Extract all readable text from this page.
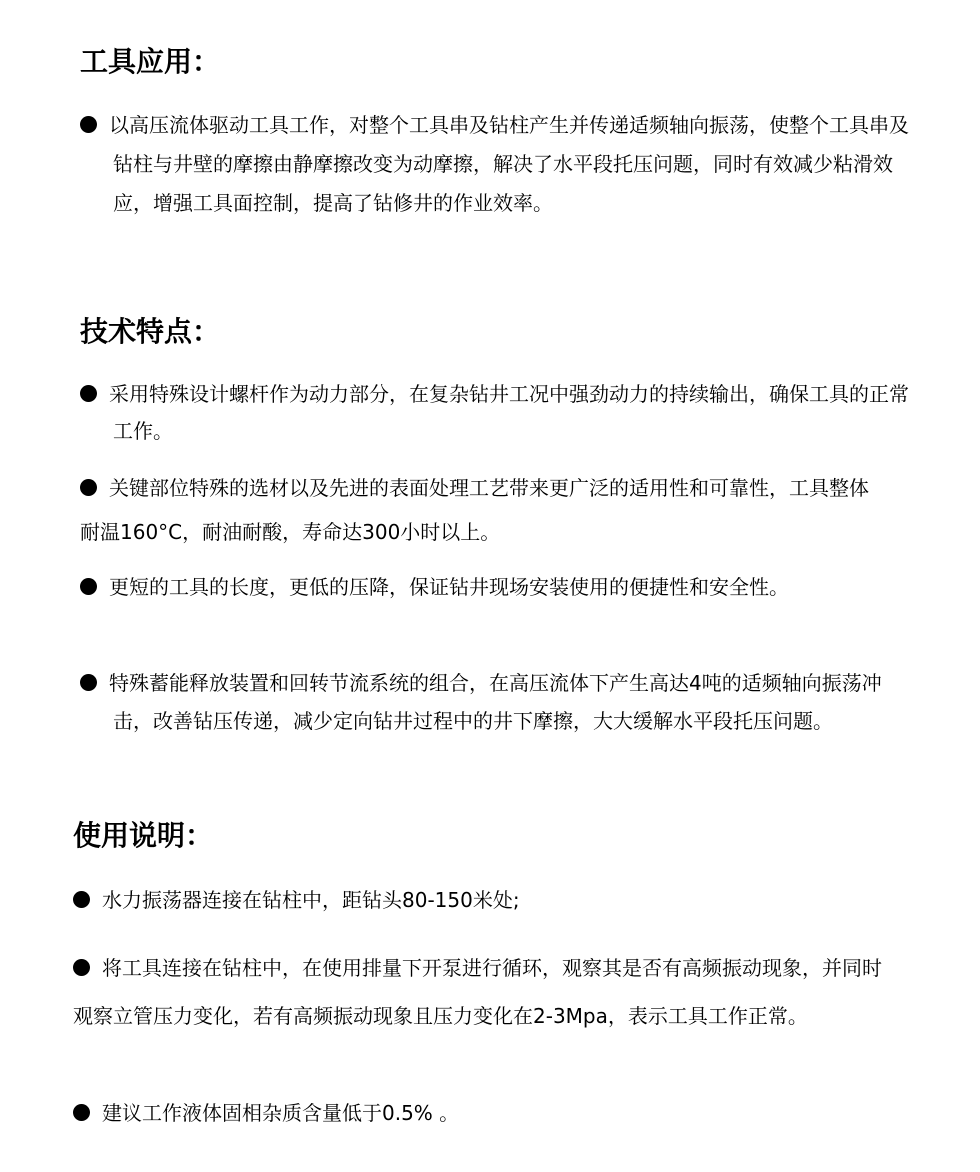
工具应用：

以高压流体驱动工具工作，对整个工具串及钻柱产生并传递适频轴向振荡，使整个工具串及钻柱与井壁的摩擦由静摩擦改变为动摩擦，解决了水平段托压问题，同时有效减少粘滑效应，增强工具面控制，提高了钻修井的作业效率。

技术特点：

采用特殊设计螺杆作为动力部分，在复杂钻井工况中强劲动力的持续输出，确保工具的正常工作。

关键部位特殊的选材以及先进的表面处理工艺带来更广泛的适用性和可靠性，工具整体耐温160°C，耐油耐酸，寿命达300小时以上。

更短的工具的长度，更低的压降，保证钻井现场安装使用的便捷性和安全性。

特殊蓄能释放装置和回转节流系统的组合，在高压流体下产生高达4吨的适频轴向振荡冲击，改善钻压传递，减少定向钻井过程中的井下摩擦，大大缓解水平段托压问题。

使用说明：

水力振荡器连接在钻柱中，距钻头80-150米处;

将工具连接在钻柱中，在使用排量下开泵进行循环，观察其是否有高频振动现象，并同时观察立管压力变化，若有高频振动现象且压力变化在2-3Mpa，表示工具工作正常。

建议工作液体固相杂质含量低于0.5% 。
